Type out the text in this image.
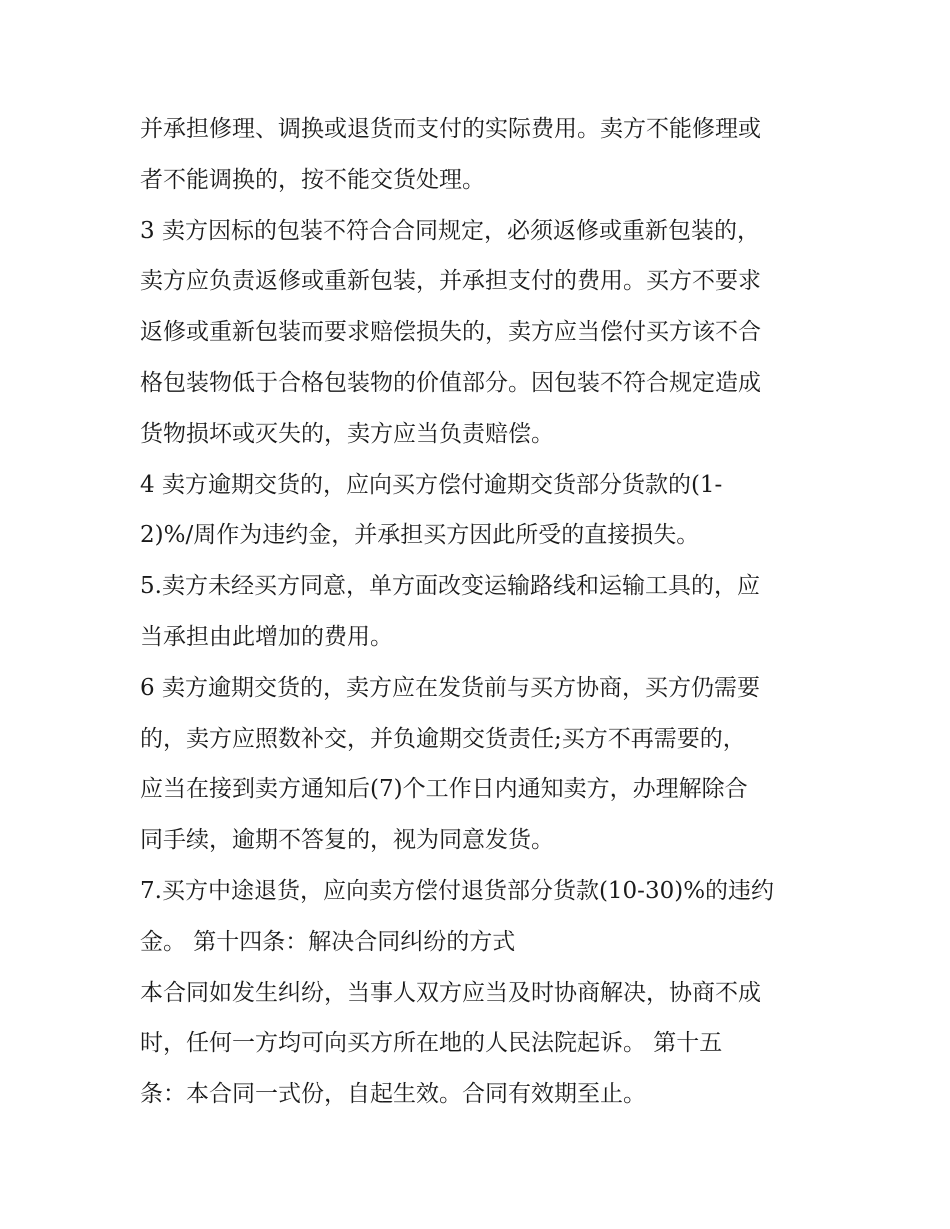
并承担修理、调换或退货而支付的实际费用。卖方不能修理或

者不能调换的，按不能交货处理。

3 卖方因标的包装不符合合同规定，必须返修或重新包装的，

卖方应负责返修或重新包装，并承担支付的费用。买方不要求

返修或重新包装而要求赔偿损失的，卖方应当偿付买方该不合

格包装物低于合格包装物的价值部分。因包装不符合规定造成

货物损坏或灭失的，卖方应当负责赔偿。

4 卖方逾期交货的，应向买方偿付逾期交货部分货款的(1-

2)%/周作为违约金，并承担买方因此所受的直接损失。

5.卖方未经买方同意，单方面改变运输路线和运输工具的，应

当承担由此增加的费用。

6 卖方逾期交货的，卖方应在发货前与买方协商，买方仍需要

的，卖方应照数补交，并负逾期交货责任;买方不再需要的，

应当在接到卖方通知后(7)个工作日内通知卖方，办理解除合

同手续，逾期不答复的，视为同意发货。

7.买方中途退货，应向卖方偿付退货部分货款(10-30)%的违约

金。 第十四条：解决合同纠纷的方式

本合同如发生纠纷，当事人双方应当及时协商解决，协商不成

时，任何一方均可向买方所在地的人民法院起诉。 第十五

条：本合同一式份，自起生效。合同有效期至止。
